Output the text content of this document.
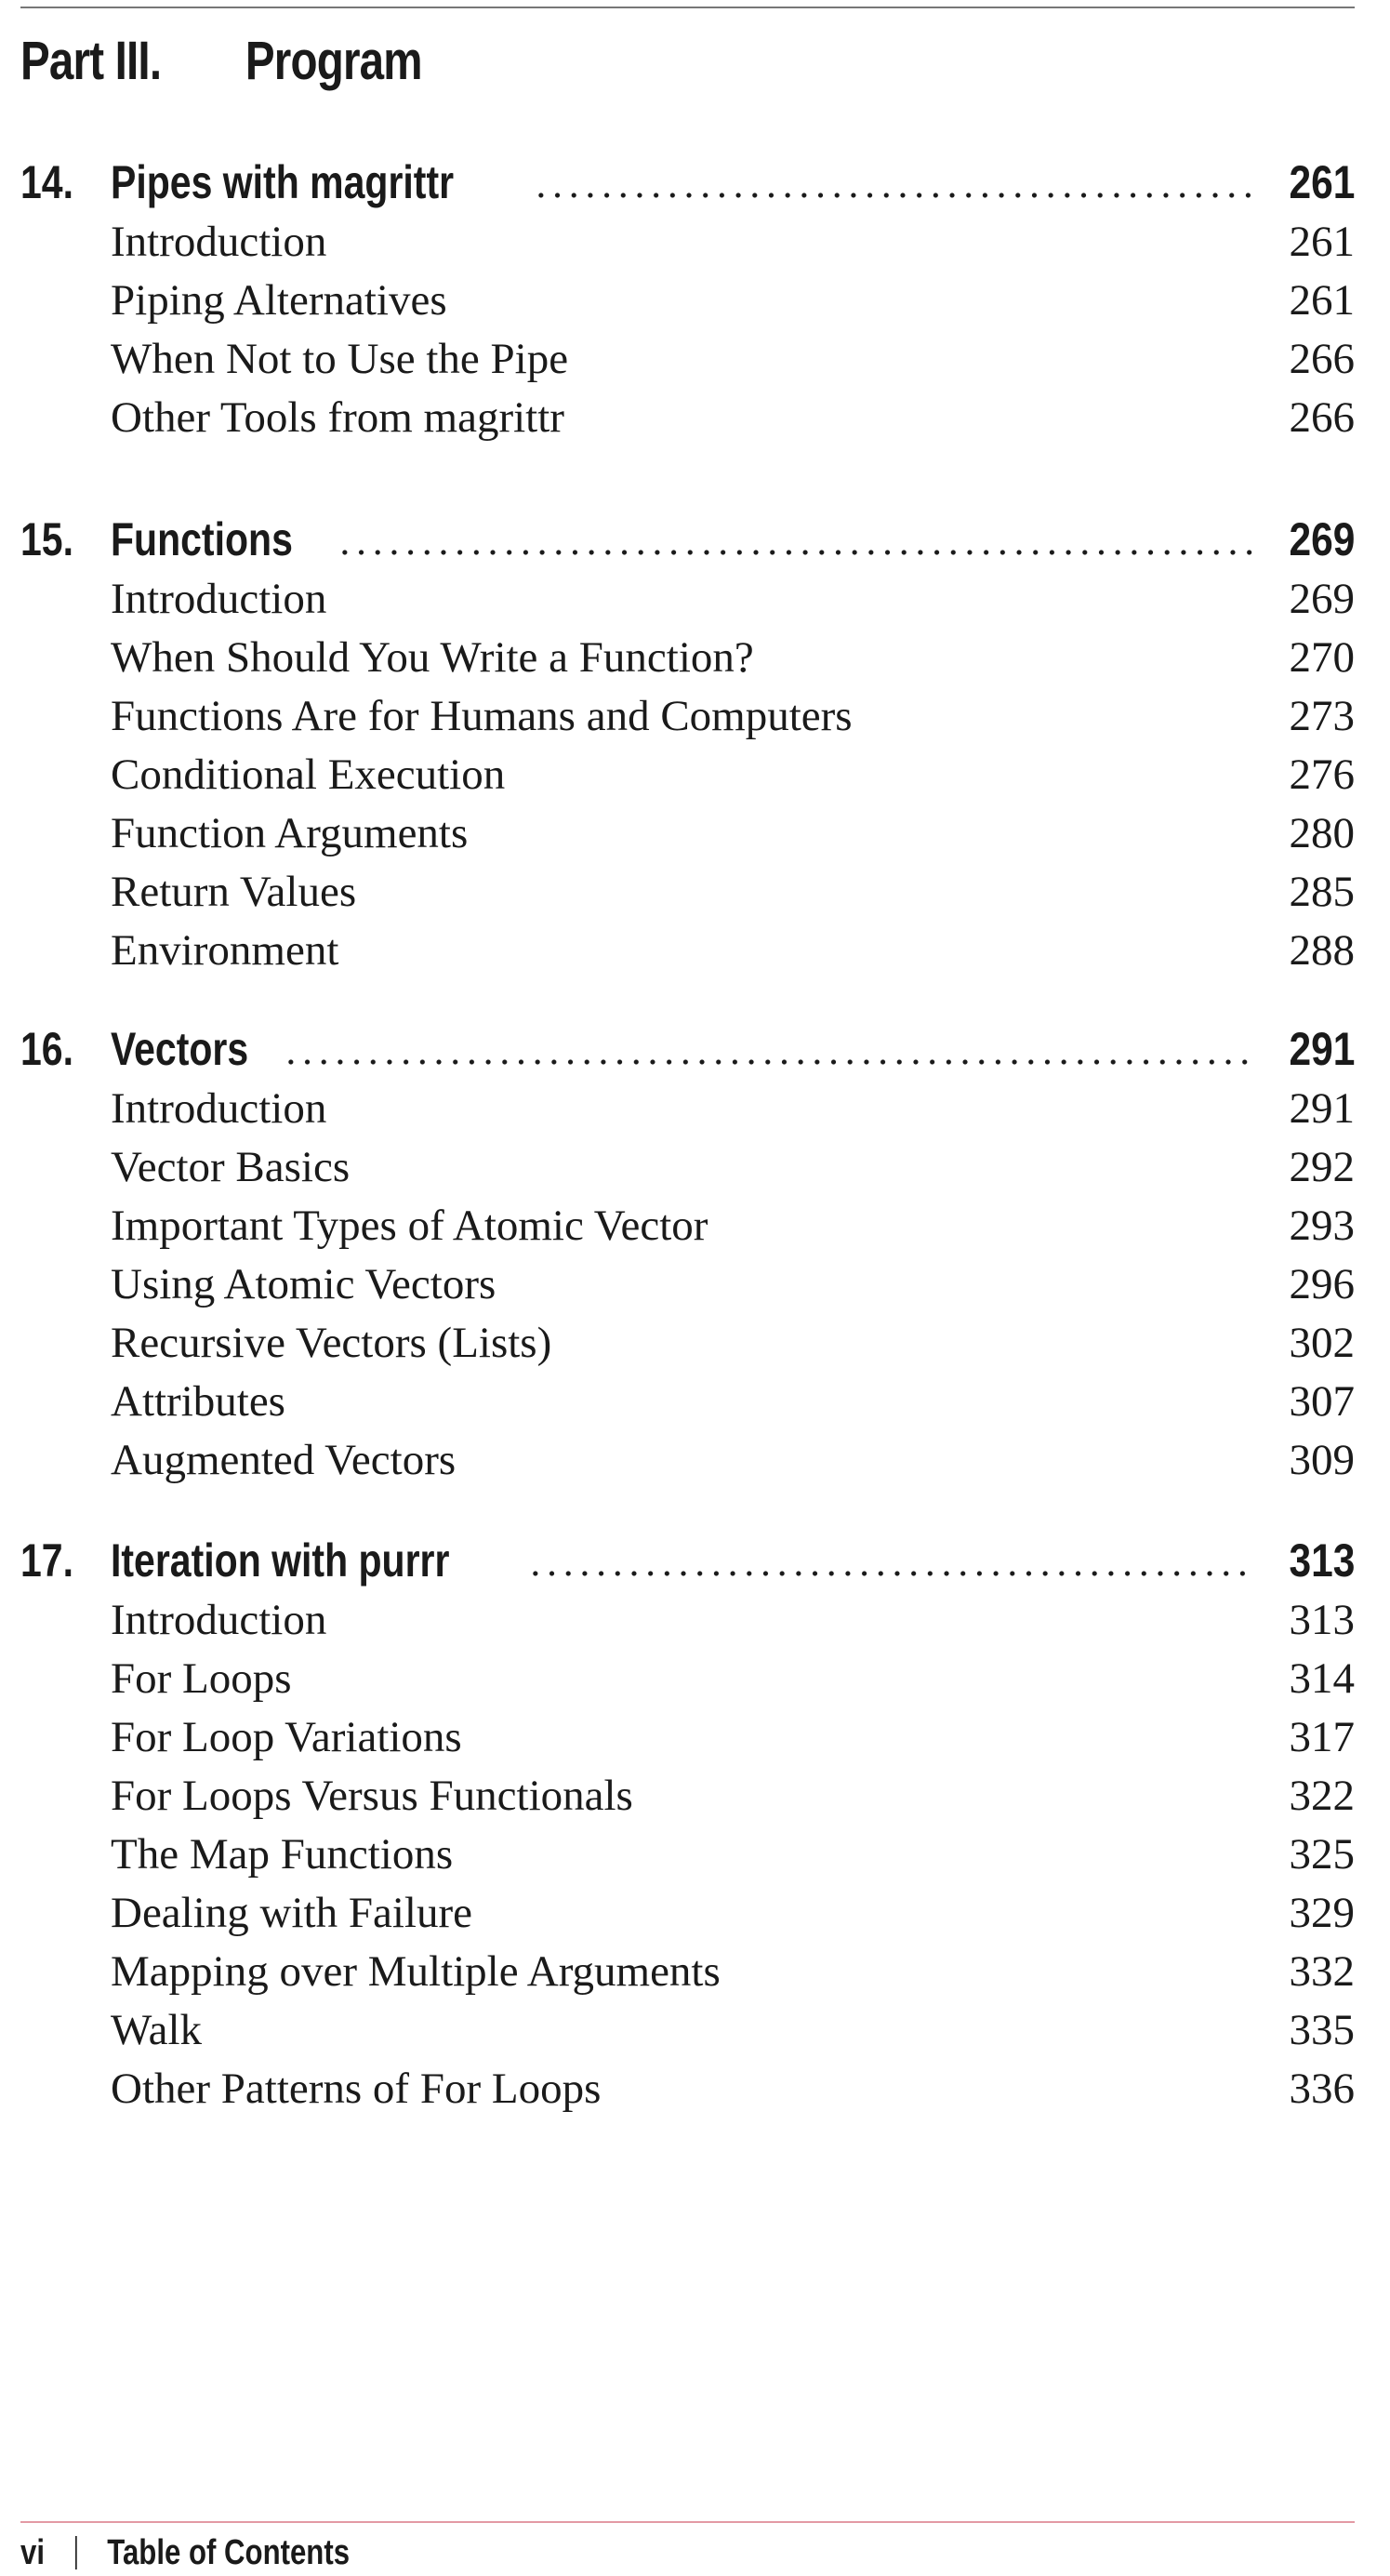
Part III.	Program
14. Pipes with magrittr	261
Introduction	261
Piping Alternatives	261
When Not to Use the Pipe	266
Other Tools from magrittr	266
15. Functions	269
Introduction	269
When Should You Write a Function?	270
Functions Are for Humans and Computers	273
Conditional Execution	276
Function Arguments	280
Return Values	285
Environment	288
16. Vectors	291
Introduction	291
Vector Basics	292
Important Types of Atomic Vector	293
Using Atomic Vectors	296
Recursive Vectors (Lists)	302
Attributes	307
Augmented Vectors	309
17. Iteration with purrr	313
Introduction	313
For Loops	314
For Loop Variations	317
For Loops Versus Functionals	322
The Map Functions	325
Dealing with Failure	329
Mapping over Multiple Arguments	332
Walk	335
Other Patterns of For Loops	336
vi Table of Contents
